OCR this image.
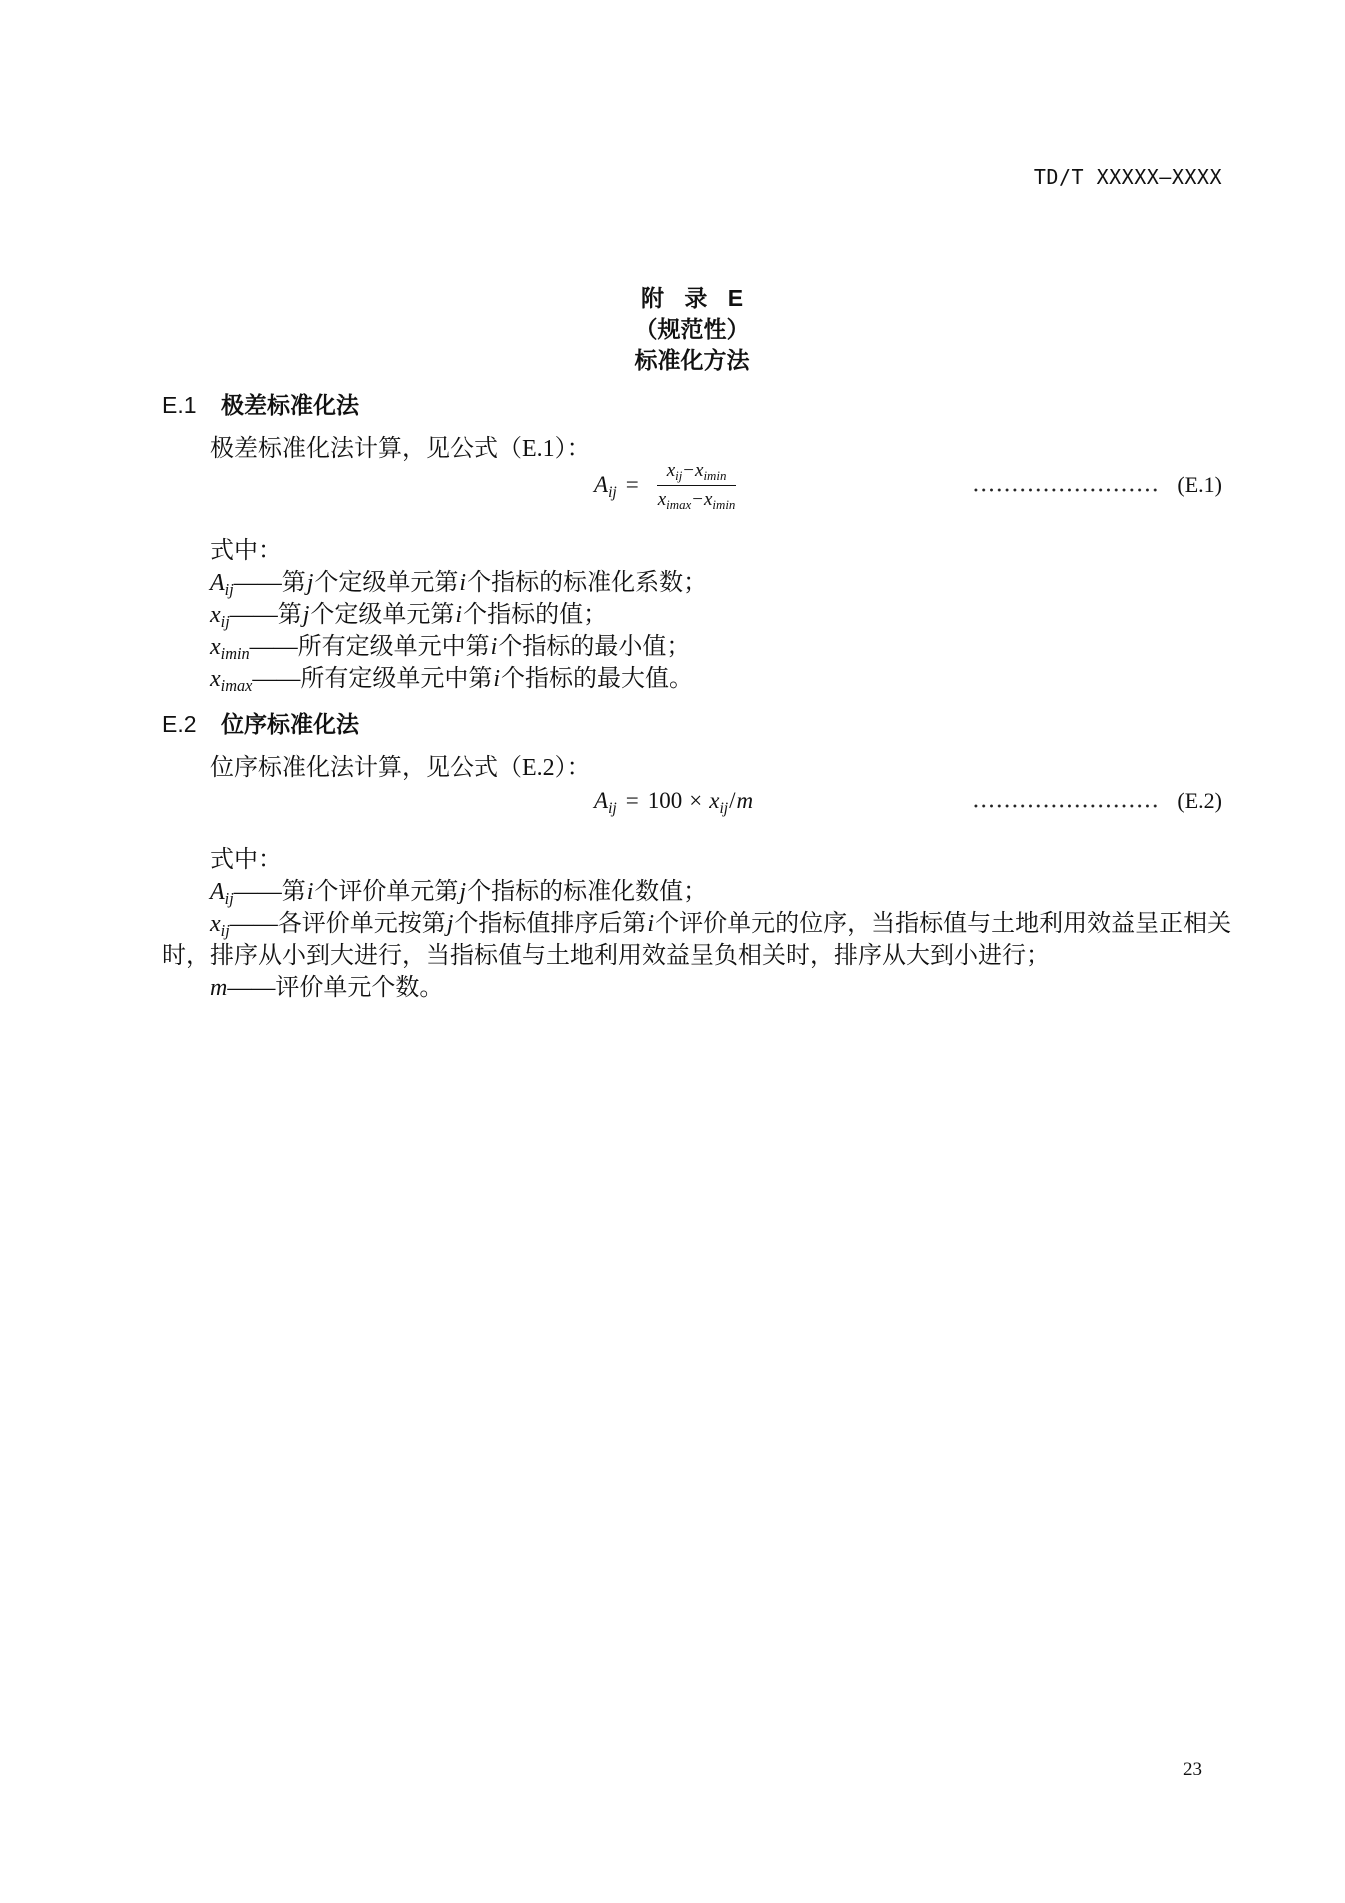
TD/T XXXXX—XXXX
附 录 E
（规范性）
标准化方法
E.1 极差标准化法
极差标准化法计算，见公式（E.1）：
$A_{ij} = \frac{x_{ij}-x_{imin}}{x_{imax}-x_{imin}}$	(E.1)
式中：
$A_{ij}——$第j个定级单元第i个指标的标准化系数；
$x_{ij}——$第j个定级单元第i个指标的值；
$x_{imin}——$所有定级单元中第i个指标的最小值；
$x_{imax}——$所有定级单元中第i个指标的最大值。
E.2 位序标准化法
位序标准化法计算，见公式（E.2）：
$A_{ij} = 100 \times x_{ij} / m$	(E.2)
式中：
$A_{ij}——$第i个评价单元第j个指标的标准化数值；
$x_{ij}——$各评价单元按第j个指标值排序后第i个评价单元的位序，当指标值与土地利用效益呈正相关
时，排序从小到大进行，当指标值与土地利用效益呈负相关时，排序从大到小进行；
m——评价单元个数。
23
